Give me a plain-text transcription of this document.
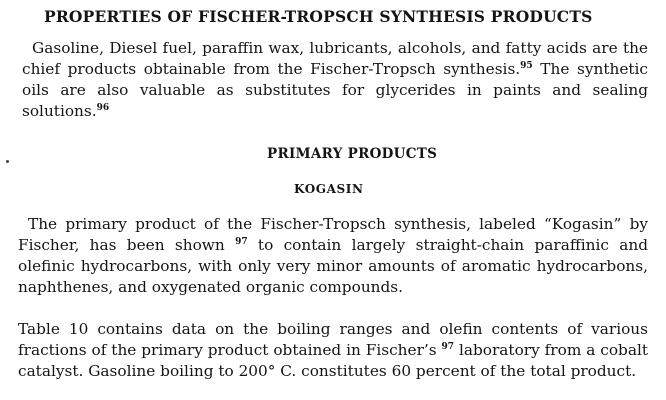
PROPERTIES OF FISCHER-TROPSCH SYNTHESIS PRODUCTS

Gasoline, Diesel fuel, paraffin wax, lubricants, alcohols, and fatty acids are the chief products obtainable from the Fischer-Tropsch synthesis.$^{95}$ The synthetic oils are also valuable as substitutes for glycerides in paints and sealing solutions.$^{96}$

PRIMARY PRODUCTS
KOGASIN

The primary product of the Fischer-Tropsch synthesis, labeled “Kogasin” by Fischer, has been shown $^{97}$ to contain largely straight-chain paraffinic and olefinic hydrocarbons, with only very minor amounts of aromatic hydrocarbons, naphthenes, and oxygenated organic compounds.

Table 10 contains data on the boiling ranges and olefin contents of various fractions of the primary product obtained in Fischer’s $^{97}$ laboratory from a cobalt catalyst. Gasoline boiling to 200° C. constitutes 60 percent of the total product.
